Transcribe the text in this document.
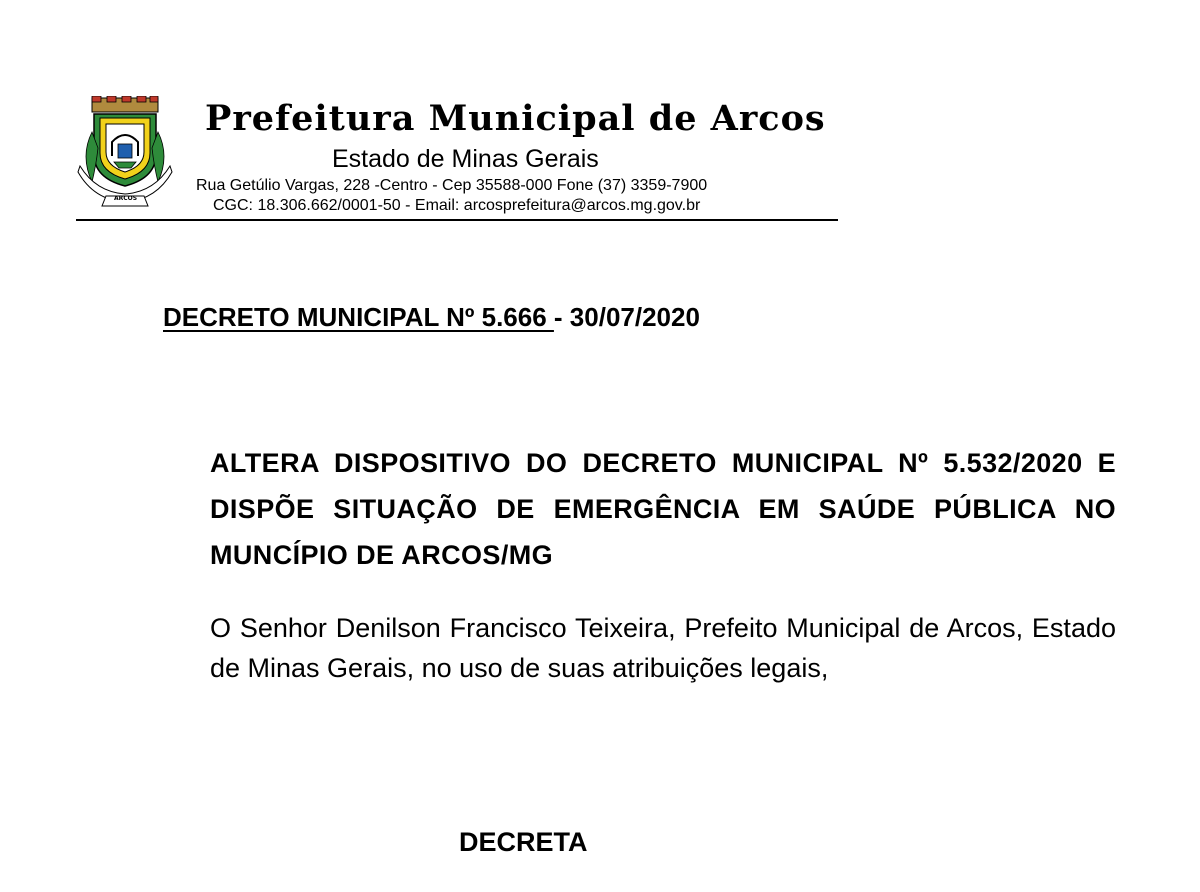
ARCOS
Prefeitura Municipal de Arcos
Estado de Minas Gerais
Rua Getúlio Vargas, 228 -Centro - Cep 35588-000 Fone (37) 3359-7900
CGC: 18.306.662/0001-50 - Email: arcosprefeitura@arcos.mg.gov.br
DECRETO MUNICIPAL Nº 5.666 - 30/07/2020
ALTERA DISPOSITIVO DO DECRETO MUNICIPAL Nº 5.532/2020 E DISPÕE SITUAÇÃO DE EMERGÊNCIA EM SAÚDE PÚBLICA NO MUNCÍPIO DE ARCOS/MG
O Senhor Denilson Francisco Teixeira, Prefeito Municipal de Arcos, Estado de Minas Gerais, no uso de suas atribuições legais,
DECRETA
